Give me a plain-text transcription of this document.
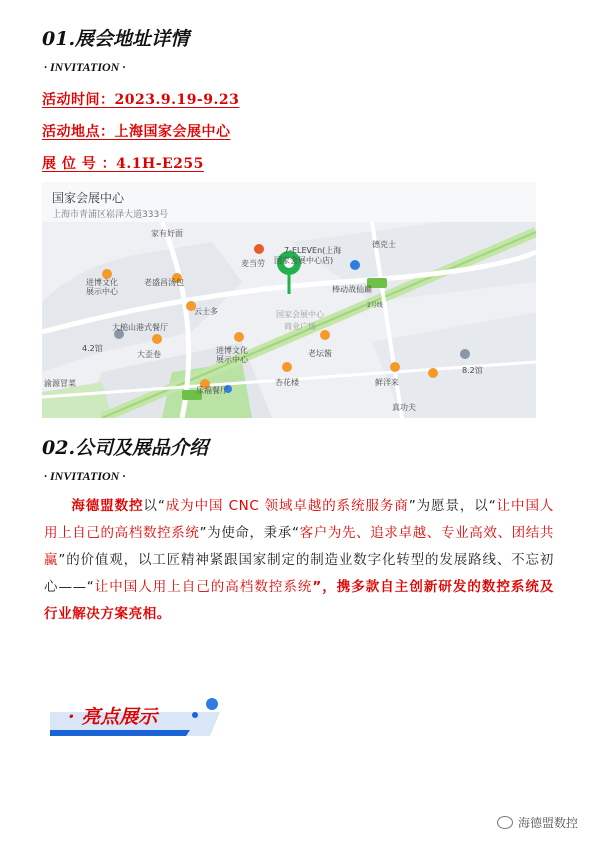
01.展会地址详情
· INVITATION ·
活动时间：2023.9.19-9.23
活动地点：上海国家会展中心
展 位 号 ：4.1H-E255
国家会展中心
上海市青浦区崧泽大道333号
家有好面
麦当劳
7-ELEVEn(上海
国家会展中心店)
德克士
进博文化
展示中心
老盛昌汤包
棒动战仙巅
2号线
云士多	国家会展中心
商业广场
大槌山港式餐厅
4.2馆
大歪卷	进博文化
展示中心
老坛酱
杏花楼	鲜洋来
8.2馆
渝源冒菜
乐福餐厅
真功夫
02.公司及展品介绍
· INVITATION ·
海德盟数控以“成为中国 CNC 领域卓越的系统服务商”为愿景，以“让中国人用上自己的高档数控系统”为使命，秉承“客户为先、追求卓越、专业高效、团结共赢”的价值观，以工匠精神紧跟国家制定的制造业数字化转型的发展路线、不忘初心——“让中国人用上自己的高档数控系统”，携多款自主创新研发的数控系统及行业解决方案亮相。
· 亮点展示
海德盟数控
